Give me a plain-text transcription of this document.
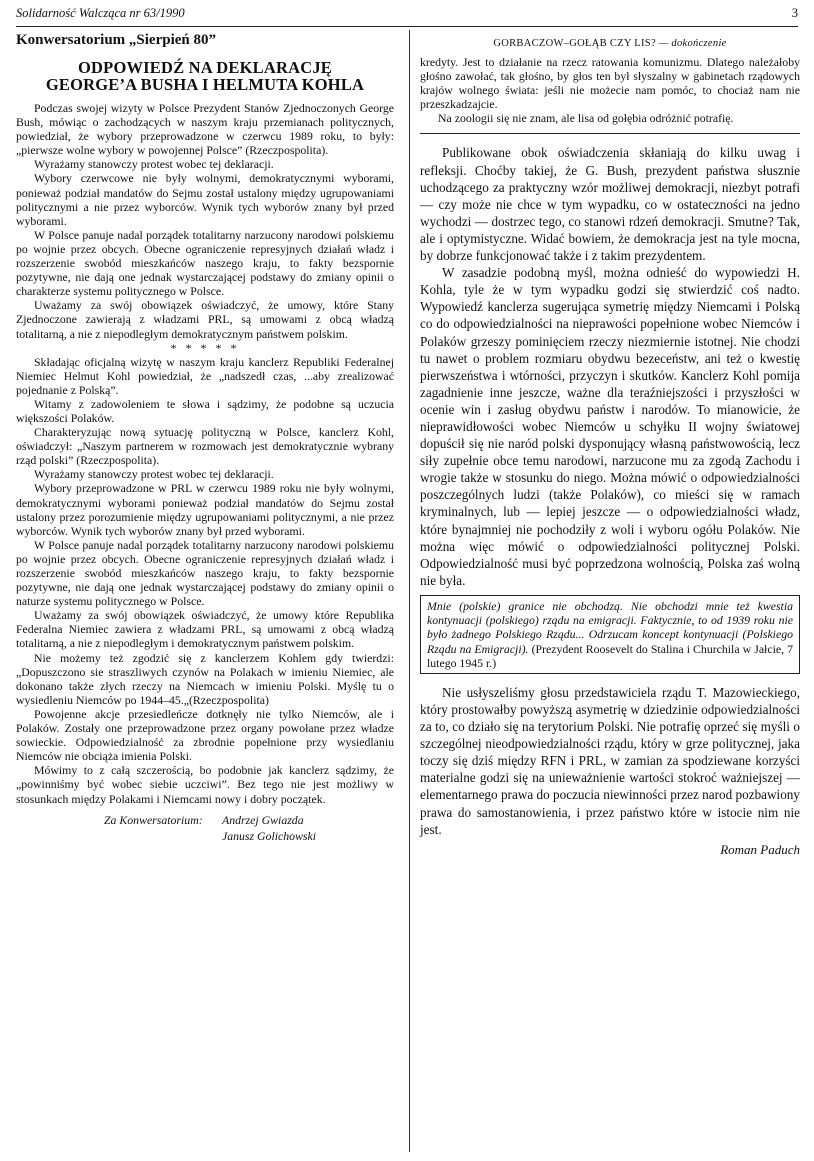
Solidarność Walcząca nr 63/1990	3
Konwersatorium „Sierpień 80”
ODPOWIEDŹ NA DEKLARACJĘ
GEORGE’A BUSHA I HELMUTA KOHLA

Podczas swojej wizyty w Polsce Prezydent Stanów Zjednoczonych George Bush, mówiąc o zachodzących w naszym kraju przemianach politycznych, powiedział, że wybory przeprowadzone w czerwcu 1989 roku, to były: „pierwsze wolne wybory w powojennej Polsce” (Rzeczpospolita).

Wyrażamy stanowczy protest wobec tej deklaracji.

Wybory czerwcowe nie były wolnymi, demokratycznymi wyborami, ponieważ podział mandatów do Sejmu został ustalony między ugrupowaniami politycznymi a nie przez wyborców. Wynik tych wyborów znany był przed wyborami.

W Polsce panuje nadal porządek totalitarny narzucony narodowi polskiemu po wojnie przez obcych. Obecne ograniczenie represyjnych działań władz i rozszerzenie swobód mieszkańców naszego kraju, to fakty bezspornie pozytywne, nie dają one jednak wystarczającej podstawy do zmiany opinii o charakterze systemu politycznego w Polsce.

Uważamy za swój obowiązek oświadczyć, że umowy, które Stany Zjednoczone zawierają z władzami PRL, są umowami z obcą władzą totalitarną, a nie z niepodległym demokratycznym państwem polskim.

* * * * *

Składając oficjalną wizytę w naszym kraju kanclerz Republiki Federalnej Niemiec Helmut Kohl powiedział, że „nadszedł czas, ...aby zrealizować pojednanie z Polską”.

Witamy z zadowoleniem te słowa i sądzimy, że podobne są uczucia większości Polaków.

Charakteryzując nową sytuację polityczną w Polsce, kanclerz Kohl, oświadczył: „Naszym partnerem w rozmowach jest demokratycznie wybrany rząd polski” (Rzeczpospolita).

Wyrażamy stanowczy protest wobec tej deklaracji.

Wybory przeprowadzone w PRL w czerwcu 1989 roku nie były wolnymi, demokratycznymi wyborami ponieważ podział mandatów do Sejmu został ustalony przez porozumienie między ugrupowaniami politycznymi, a nie przez wyborców. Wynik tych wyborów znany był przed wyborami.

W Polsce panuje nadal porządek totalitarny narzucony narodowi polskiemu po wojnie przez obcych. Obecne ograniczenie represyjnych działań władz i rozszerzenie swobód mieszkańców naszego kraju, to fakty bezspornie pozytywne, nie dają one jednak wystarczającej podstawy do zmiany opinii o naturze systemu politycznego w Polsce.

Uważamy za swój obowiązek oświadczyć, że umowy które Republika Federalna Niemiec zawiera z władzami PRL, są umowami z obcą władzą totalitarną, a nie z niepodległym i demokratycznym państwem polskim.

Nie możemy też zgodzić się z kanclerzem Kohlem gdy twierdzi: „Dopuszczono sie straszliwych czynów na Polakach w imieniu Niemiec, ale dokonano także złych rzeczy na Niemcach w imieniu Polski. Myślę tu o wysiedleniu Niemców po 1944–45.„(Rzeczpospolita)

Powojenne akcje przesiedleńcze dotknęły nie tylko Niemców, ale i Polaków. Zostały one przeprowadzone przez organy powołane przez władze sowieckie. Odpowiedzialność za zbrodnie popełnione przy wysiedlaniu Niemców nie obciąża imienia Polski.

Mówimy to z całą szczerością, bo podobnie jak kanclerz sądzimy, że „powinniśmy być wobec siebie uczciwi”. Bez tego nie jest możliwy w stosunkach między Polakami i Niemcami nowy i dobry początek.

Za Konwersatorium: Andrzej Gwiazda
Janusz Golichowski
GORBACZOW–GOŁĄB CZY LIS? — dokończenie

kredyty. Jest to działanie na rzecz ratowania komunizmu. Dlatego należałoby głośno zawołać, tak głośno, by głos ten był słyszalny w gabinetach rządowych krajów wolnego świata: jeśli nie możecie nam pomóc, to chociaż nam nie przeszkadzajcie.

Na zoologii się nie znam, ale lisa od gołębia odróżnić potrafię.

Publikowane obok oświadczenia skłaniają do kilku uwag i refleksji. Choćby takiej, że G. Bush, prezydent państwa słusznie uchodzącego za praktyczny wzór możliwej demokracji, niezbyt potrafi — czy może nie chce w tym wypadku, co w ostateczności na jedno wychodzi — dostrzec tego, co stanowi rdzeń demokracji. Smutne? Tak, ale i optymistyczne. Widać bowiem, że demokracja jest na tyle mocna, by dobrze funkcjonować także i z takim prezydentem.

W zasadzie podobną myśl, można odnieść do wypowiedzi H. Kohla, tyle że w tym wypadku godzi się stwierdzić coś nadto. Wypowiedź kanclerza sugerująca symetrię między Niemcami i Polską co do odpowiedzialności na nieprawości popełnione wobec Niemców i Polaków grzeszy pominięciem rzeczy niezmiernie istotnej. Nie chodzi tu nawet o problem rozmiaru obydwu bezeceństw, ani też o kwestię pierwszeństwa i wtórności, przyczyn i skutków. Kanclerz Kohl pomija zagadnienie inne jeszcze, ważne dla teraźniejszości i przyszłości w ocenie win i zasług obydwu państw i narodów. To mianowicie, że nieprawidłowości wobec Niemców u schyłku II wojny światowej dopuścił się nie naród polski dysponujący własną państwowością, lecz siły zupełnie obce temu narodowi, narzucone mu za zgodą Zachodu i wrogie także w stosunku do niego. Można mówić o odpowiedzialności poszczególnych ludzi (także Polaków), co mieści się w ramach kryminalnych, lub — lepiej jeszcze — o odpowiedzialności władz, które bynajmniej nie pochodziły z woli i wyboru ogółu Polaków. Nie można więc mówić o odpowiedzialności politycznej Polski. Odpowiedzialność musi być poprzedzona wolnością, Polska zaś wolną nie była.

Mnie (polskie) granice nie obchodzą. Nie obchodzi mnie też kwestia kontynuacji (polskiego) rządu na emigracji. Faktycznie, to od 1939 roku nie było żadnego Polskiego Rządu... Odrzucam koncept kontynuacji (Polskiego Rządu na Emigracji). (Prezydent Roosevelt do Stalina i Churchila w Jałcie, 7 lutego 1945 r.)

Nie usłyszeliśmy głosu przedstawiciela rządu T. Mazowieckiego, który prostowałby powyższą asymetrię w dziedzinie odpowiedzialności za to, co działo się na terytorium Polski. Nie potrafię oprzeć się myśli o szczególnej nieodpowiedzialności rządu, który w grze politycznej, jaka toczy się dziś między RFN i PRL, w zamian za spodziewane korzyści materialne godzi się na unieważnienie wartości stokroć ważniejszej — elementarnego prawa do poczucia niewinności przez narod pozbawiony prawa do samostanowienia, i przez państwo które w istocie nim nie jest.

Roman Paduch
